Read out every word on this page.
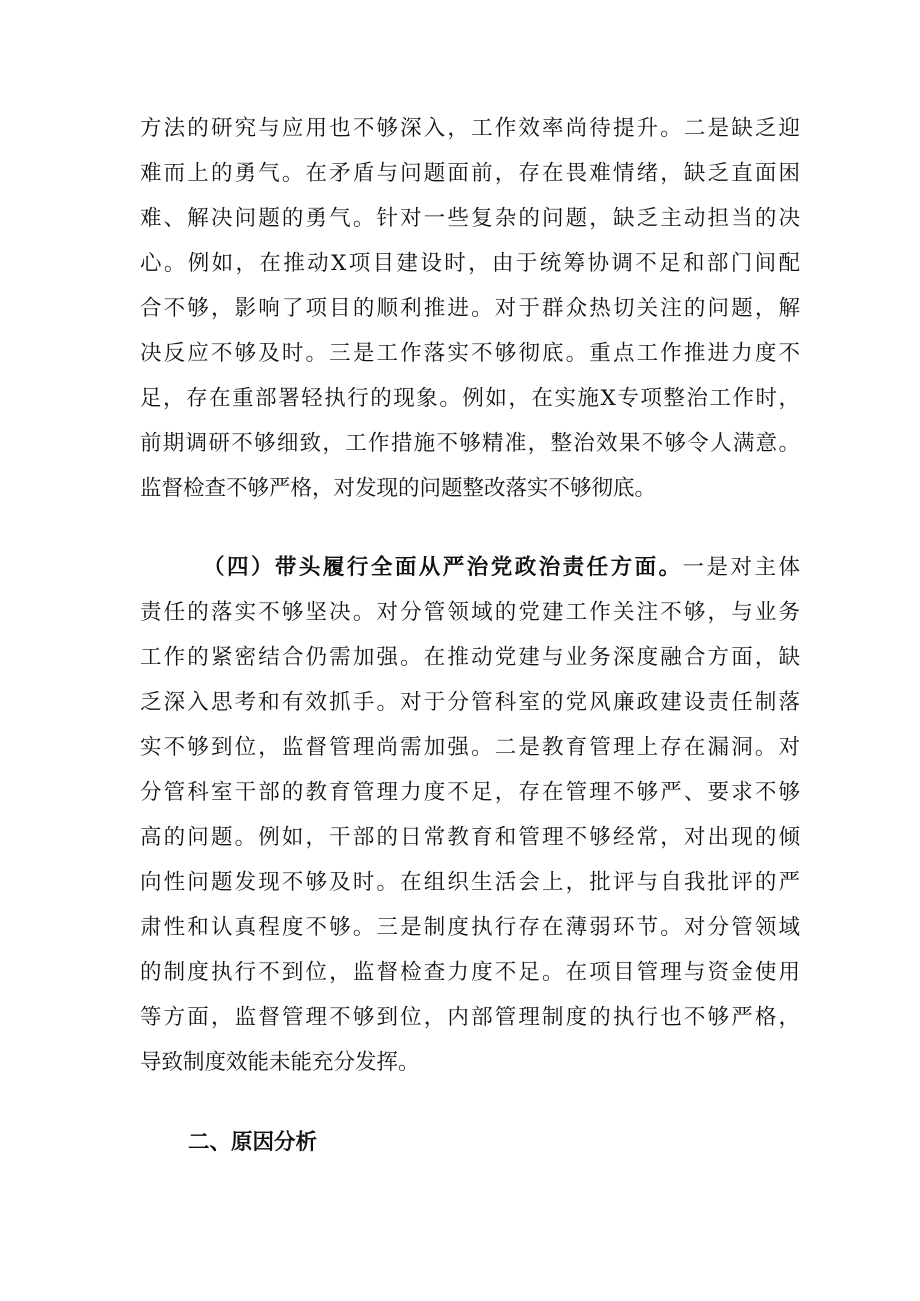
方法的研究与应用也不够深入，工作效率尚待提升。二是缺乏迎
难而上的勇气。在矛盾与问题面前，存在畏难情绪，缺乏直面困
难、解决问题的勇气。针对一些复杂的问题，缺乏主动担当的决
心。例如，在推动X项目建设时，由于统筹协调不足和部门间配
合不够，影响了项目的顺利推进。对于群众热切关注的问题，解
决反应不够及时。三是工作落实不够彻底。重点工作推进力度不
足，存在重部署轻执行的现象。例如，在实施X专项整治工作时，
前期调研不够细致，工作措施不够精准，整治效果不够令人满意。
监督检查不够严格，对发现的问题整改落实不够彻底。
（四）带头履行全面从严治党政治责任方面。一是对主体
责任的落实不够坚决。对分管领域的党建工作关注不够，与业务
工作的紧密结合仍需加强。在推动党建与业务深度融合方面，缺
乏深入思考和有效抓手。对于分管科室的党风廉政建设责任制落
实不够到位，监督管理尚需加强。二是教育管理上存在漏洞。对
分管科室干部的教育管理力度不足，存在管理不够严、要求不够
高的问题。例如，干部的日常教育和管理不够经常，对出现的倾
向性问题发现不够及时。在组织生活会上，批评与自我批评的严
肃性和认真程度不够。三是制度执行存在薄弱环节。对分管领域
的制度执行不到位，监督检查力度不足。在项目管理与资金使用
等方面，监督管理不够到位，内部管理制度的执行也不够严格，
导致制度效能未能充分发挥。
二、原因分析
